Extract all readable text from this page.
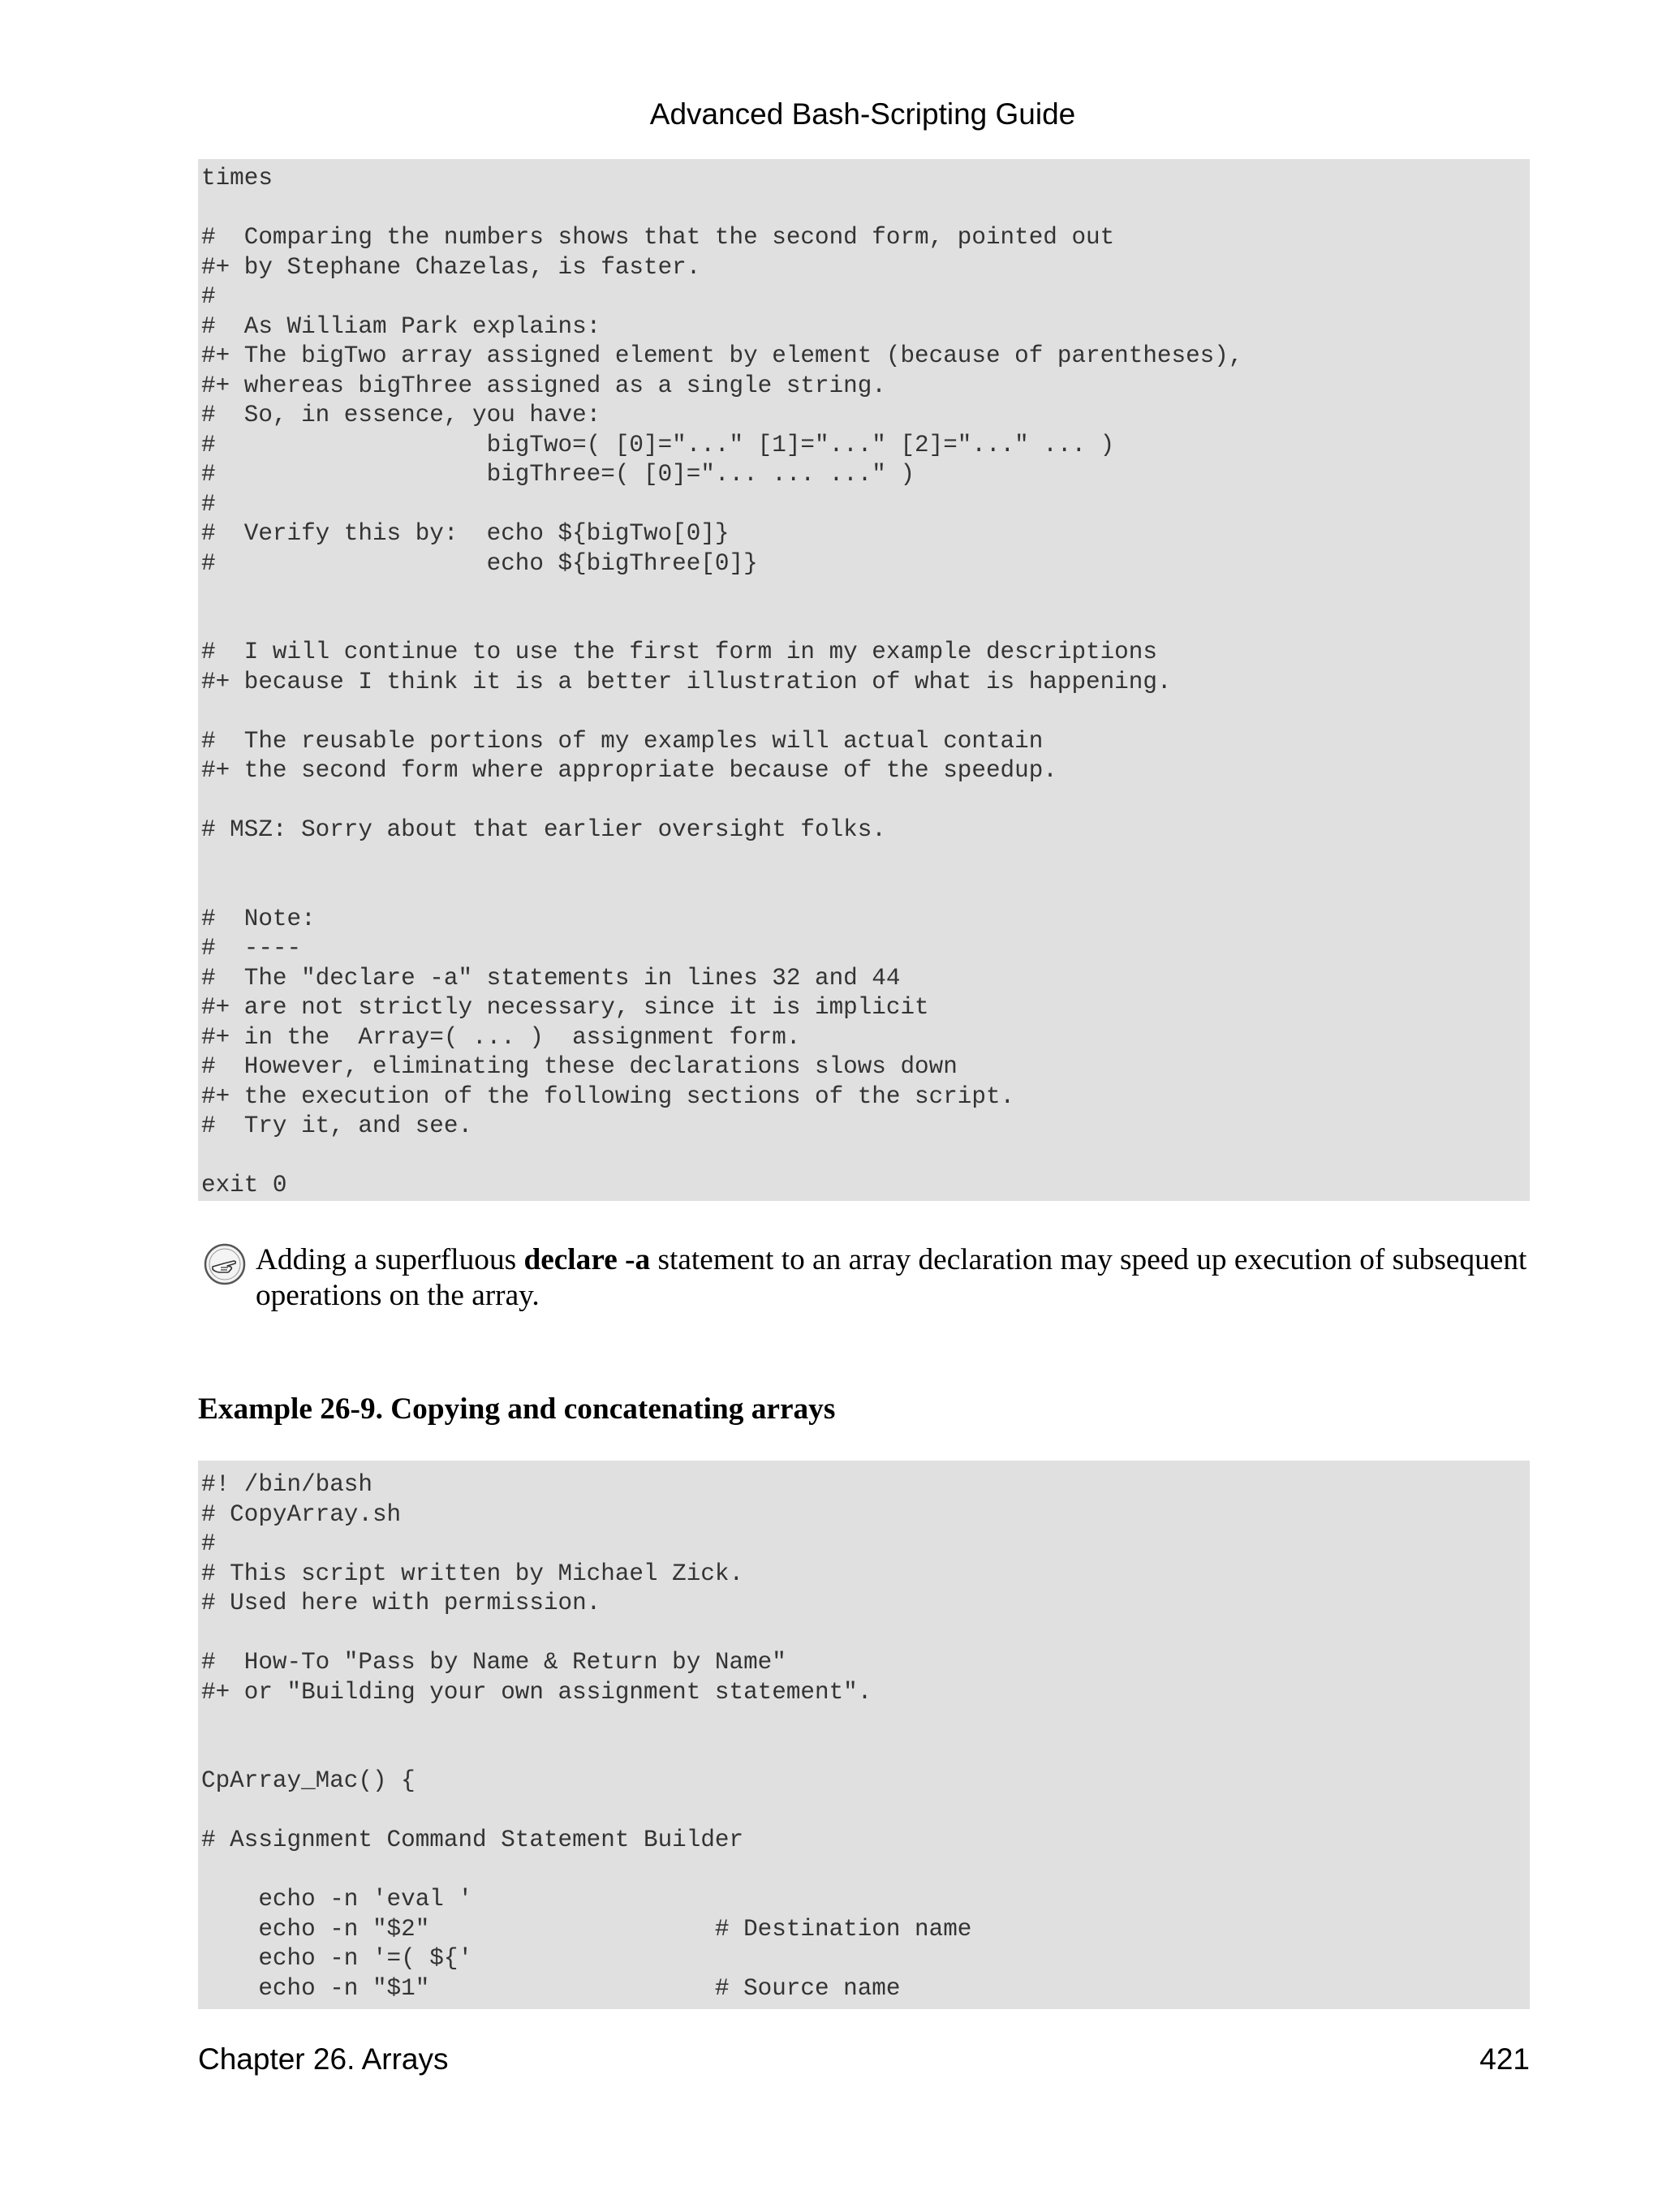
Advanced Bash-Scripting Guide
times

#  Comparing the numbers shows that the second form, pointed out
#+ by Stephane Chazelas, is faster.
#
#  As William Park explains:
#+ The bigTwo array assigned element by element (because of parentheses),
#+ whereas bigThree assigned as a single string.
#  So, in essence, you have:
#                   bigTwo=( [0]="..." [1]="..." [2]="..." ... )
#                   bigThree=( [0]="... ... ..." )
#
#  Verify this by:  echo ${bigTwo[0]}
#                   echo ${bigThree[0]}

#  I will continue to use the first form in my example descriptions
#+ because I think it is a better illustration of what is happening.

#  The reusable portions of my examples will actual contain
#+ the second form where appropriate because of the speedup.

# MSZ: Sorry about that earlier oversight folks.

#  Note:
#  ----
#  The "declare -a" statements in lines 32 and 44
#+ are not strictly necessary, since it is implicit
#+ in the  Array=( ... )  assignment form.
#  However, eliminating these declarations slows down
#+ the execution of the following sections of the script.
#  Try it, and see.

exit 0
Adding a superfluous declare -a statement to an array declaration may speed up execution of subsequent operations on the array.
Example 26-9. Copying and concatenating arrays
#! /bin/bash
# CopyArray.sh
#
# This script written by Michael Zick.
# Used here with permission.

#  How-To "Pass by Name & Return by Name"
#+ or "Building your own assignment statement".

CpArray_Mac() {

# Assignment Command Statement Builder

echo -n 'eval '
echo -n "$2"                    # Destination name
echo -n '=( ${'
echo -n "$1"                    # Source name
Chapter 26. Arrays	421
